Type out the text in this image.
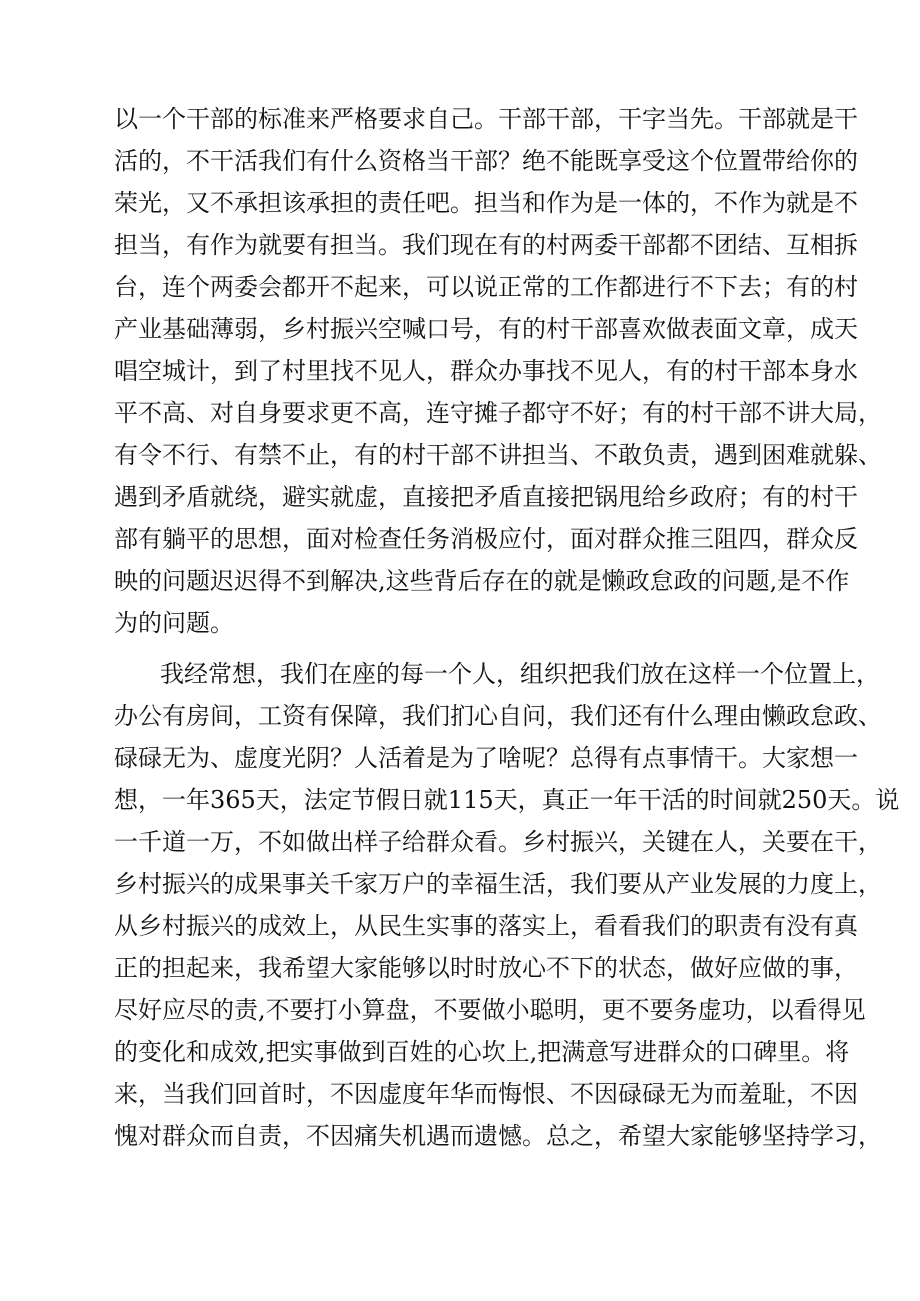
以一个干部的标准来严格要求自己。干部干部，干字当先。干部就是干
活的，不干活我们有什么资格当干部？绝不能既享受这个位置带给你的
荣光，又不承担该承担的责任吧。担当和作为是一体的，不作为就是不
担当，有作为就要有担当。我们现在有的村两委干部都不团结、互相拆
台，连个两委会都开不起来，可以说正常的工作都进行不下去；有的村
产业基础薄弱，乡村振兴空喊口号，有的村干部喜欢做表面文章，成天
唱空城计，到了村里找不见人，群众办事找不见人，有的村干部本身水
平不高、对自身要求更不高，连守摊子都守不好；有的村干部不讲大局，
有令不行、有禁不止，有的村干部不讲担当、不敢负责，遇到困难就躲、
遇到矛盾就绕，避实就虚，直接把矛盾直接把锅甩给乡政府；有的村干
部有躺平的思想，面对检查任务消极应付，面对群众推三阻四，群众反
映的问题迟迟得不到解决,这些背后存在的就是懒政怠政的问题,是不作
为的问题。
我经常想，我们在座的每一个人，组织把我们放在这样一个位置上，
办公有房间，工资有保障，我们扪心自问，我们还有什么理由懒政怠政、
碌碌无为、虚度光阴？人活着是为了啥呢？总得有点事情干。大家想一
想，一年365天，法定节假日就115天，真正一年干活的时间就250天。说
一千道一万，不如做出样子给群众看。乡村振兴，关键在人，关要在干，
乡村振兴的成果事关千家万户的幸福生活，我们要从产业发展的力度上，
从乡村振兴的成效上，从民生实事的落实上，看看我们的职责有没有真
正的担起来，我希望大家能够以时时放心不下的状态，做好应做的事，
尽好应尽的责,不要打小算盘，不要做小聪明，更不要务虚功，以看得见
的变化和成效,把实事做到百姓的心坎上,把满意写进群众的口碑里。将
来，当我们回首时，不因虚度年华而悔恨、不因碌碌无为而羞耻，不因
愧对群众而自责，不因痛失机遇而遗憾。总之，希望大家能够坚持学习，
